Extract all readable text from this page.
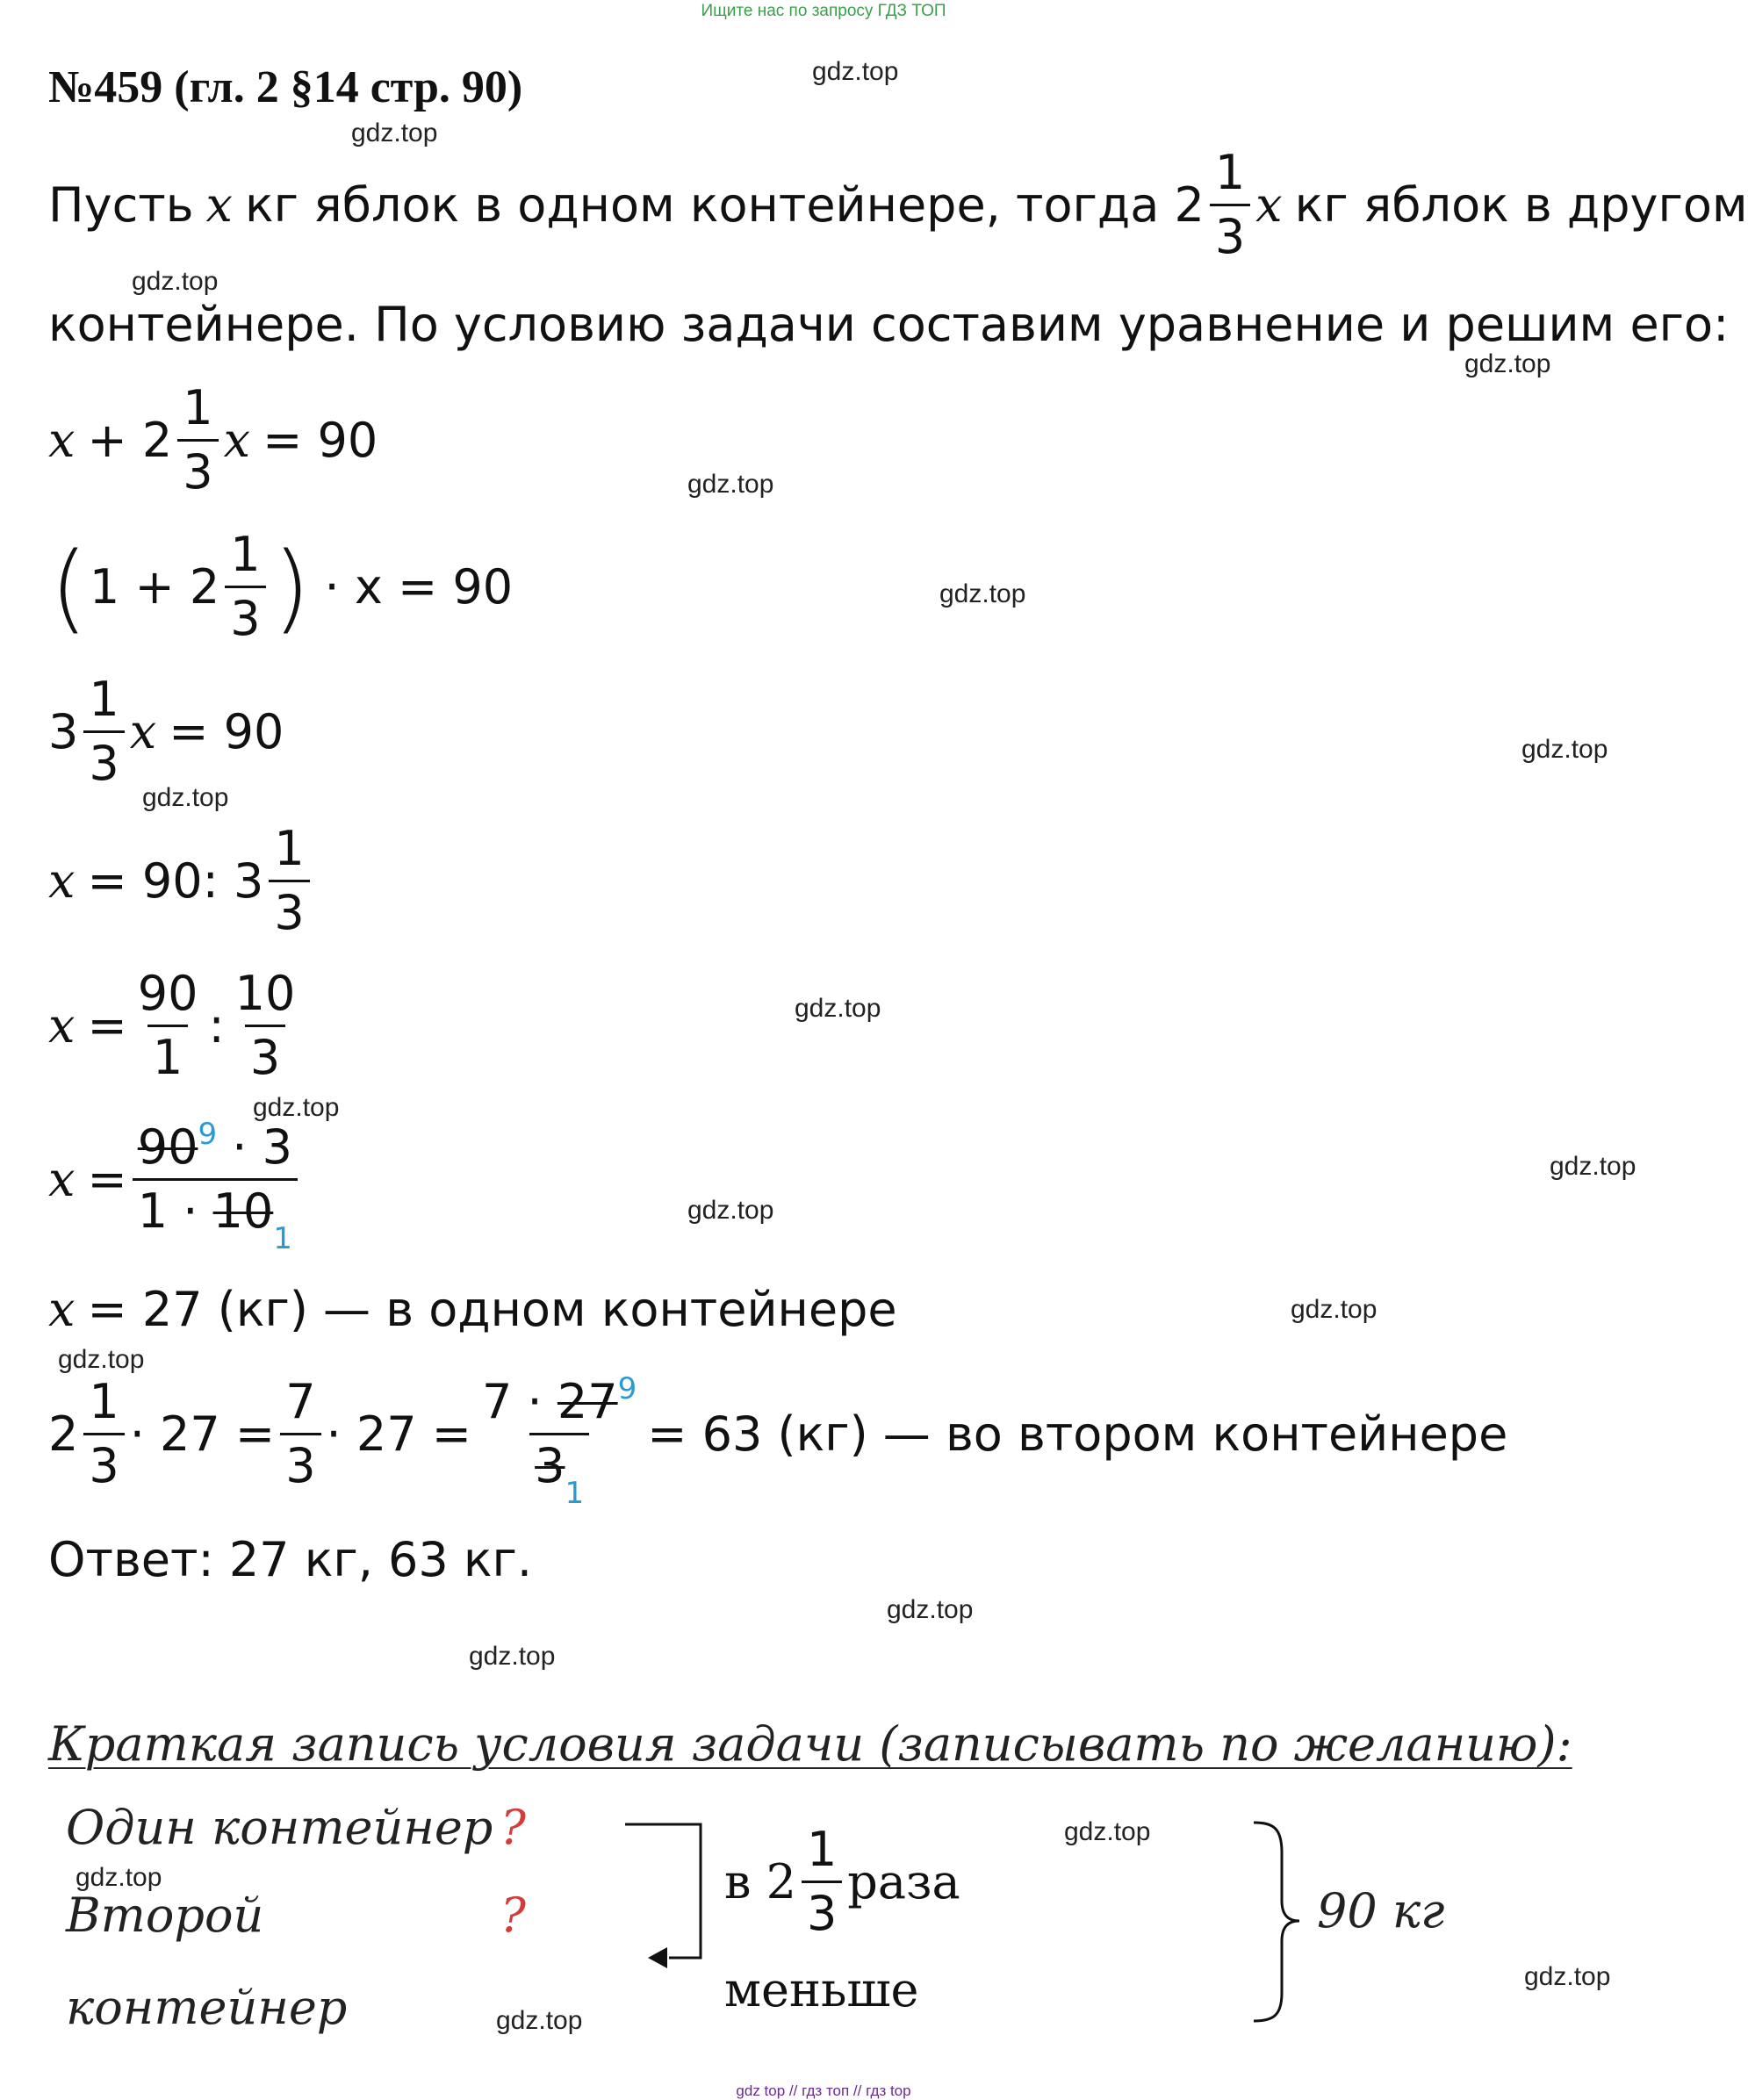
Ищите нас по запросу ГДЗ ТОП
gdz top // гдз топ // гдз top
gdz.top
gdz.top
gdz.top
gdz.top
gdz.top
gdz.top
gdz.top
gdz.top
gdz.top
gdz.top
gdz.top
gdz.top
gdz.top
gdz.top
gdz.top
gdz.top
gdz.top
gdz.top
gdz.top
gdz.top
№459 (гл. 2 §14 стр. 90)
Пусть x кг яблок в одном контейнере, тогда $2 \frac{1}{3}$ x кг яблок в другом
контейнере. По условию задачи составим уравнение и решим его:
$x + 2 \frac{1}{3}$ x = 90
( $1 + 2 \frac{1}{3}$ ) · x = 90
$3 \frac{1}{3}$ x = 90
x = 90: $3 \frac{1}{3}$
$x = \frac{90}{1}$ : $\frac{10}{3}$
$x = \frac{90^9 \cdot 3}{1 \cdot 10_1}$
x = 27 (кг) — в одном контейнере
$2 \frac{1}{3} \cdot 27 = \frac{7}{3} \cdot 27 = \frac{7 \cdot 27^9}{3_1} = 63$ (кг) — во втором контейнере
Ответ: 27 кг, 63 кг.
Краткая запись условия задачи (записывать по желанию):
Один контейнер ?
Второй	?
контейнер
в $2 \frac{1}{3}$ раза
меньше
90 кг
